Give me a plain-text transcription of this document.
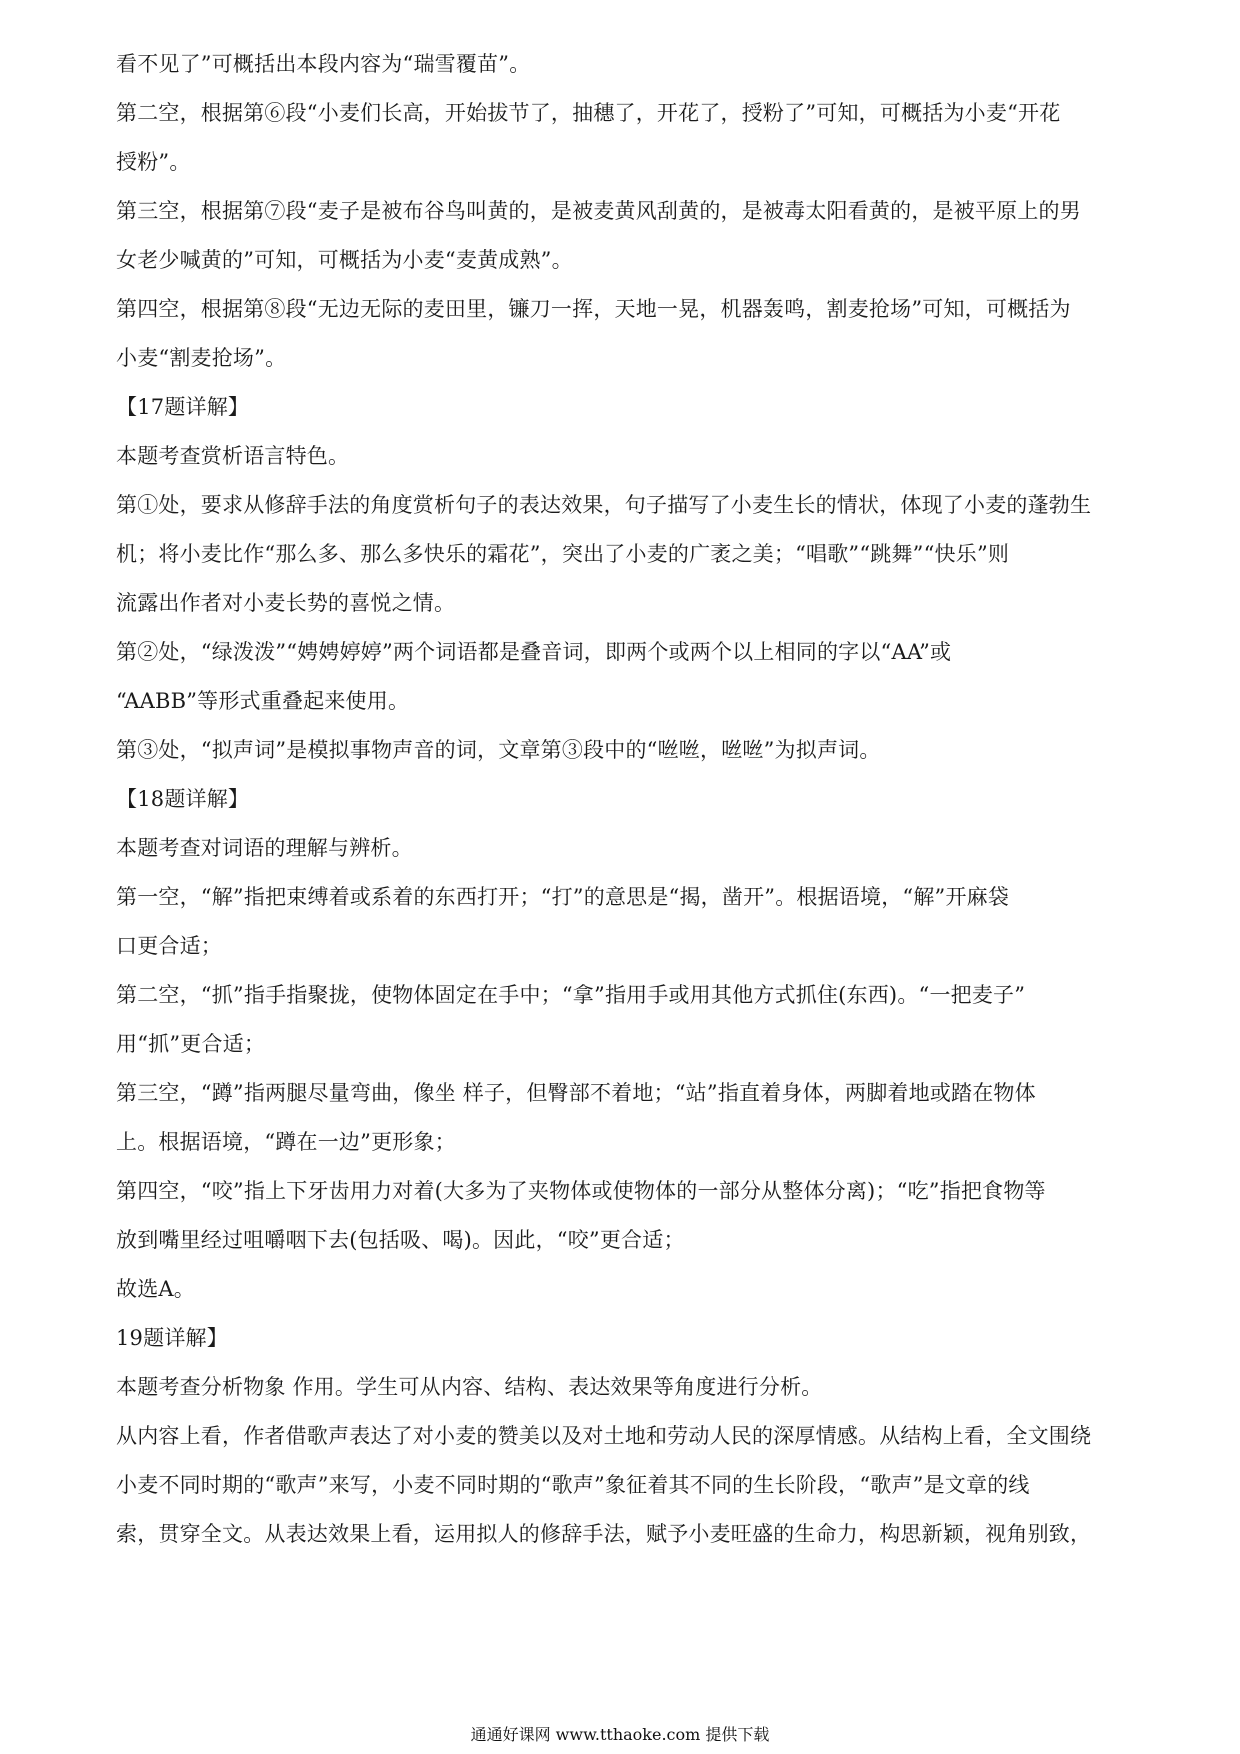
看不见了”可概括出本段内容为“瑞雪覆苗”。
第二空，根据第⑥段“小麦们长高，开始拔节了，抽穗了，开花了，授粉了”可知，可概括为小麦“开花
授粉”。
第三空，根据第⑦段“麦子是被布谷鸟叫黄的，是被麦黄风刮黄的，是被毒太阳看黄的，是被平原上的男
女老少喊黄的”可知，可概括为小麦“麦黄成熟”。
第四空，根据第⑧段“无边无际的麦田里，镰刀一挥，天地一晃，机器轰鸣，割麦抢场”可知，可概括为
小麦“割麦抢场”。
【17题详解】
本题考查赏析语言特色。
第①处，要求从修辞手法的角度赏析句子的表达效果，句子描写了小麦生长的情状，体现了小麦的蓬勃生
机；将小麦比作“那么多、那么多快乐的霜花”，突出了小麦的广袤之美；“唱歌”“跳舞”“快乐”则
流露出作者对小麦长势的喜悦之情。
第②处，“绿泼泼”“娉娉婷婷”两个词语都是叠音词，即两个或两个以上相同的字以“AA”或
“AABB”等形式重叠起来使用。
第③处，“拟声词”是模拟事物声音的词，文章第③段中的“咝咝，咝咝”为拟声词。
【18题详解】
本题考查对词语的理解与辨析。
第一空，“解”指把束缚着或系着的东西打开；“打”的意思是“揭，凿开”。根据语境，“解”开麻袋
口更合适；
第二空，“抓”指手指聚拢，使物体固定在手中；“拿”指用手或用其他方式抓住(东西)。“一把麦子”
用“抓”更合适；
第三空，“蹲”指两腿尽量弯曲，像坐 样子，但臀部不着地；“站”指直着身体，两脚着地或踏在物体
上。根据语境，“蹲在一边”更形象；
第四空，“咬”指上下牙齿用力对着(大多为了夹物体或使物体的一部分从整体分离)；“吃”指把食物等
放到嘴里经过咀嚼咽下去(包括吸、喝)。因此，“咬”更合适；
故选A。
19题详解】
本题考查分析物象 作用。学生可从内容、结构、表达效果等角度进行分析。
从内容上看，作者借歌声表达了对小麦的赞美以及对土地和劳动人民的深厚情感。从结构上看，全文围绕
小麦不同时期的“歌声”来写，小麦不同时期的“歌声”象征着其不同的生长阶段，“歌声”是文章的线
索，贯穿全文。从表达效果上看，运用拟人的修辞手法，赋予小麦旺盛的生命力，构思新颖，视角别致，
通通好课网 www.tthaoke.com 提供下载
